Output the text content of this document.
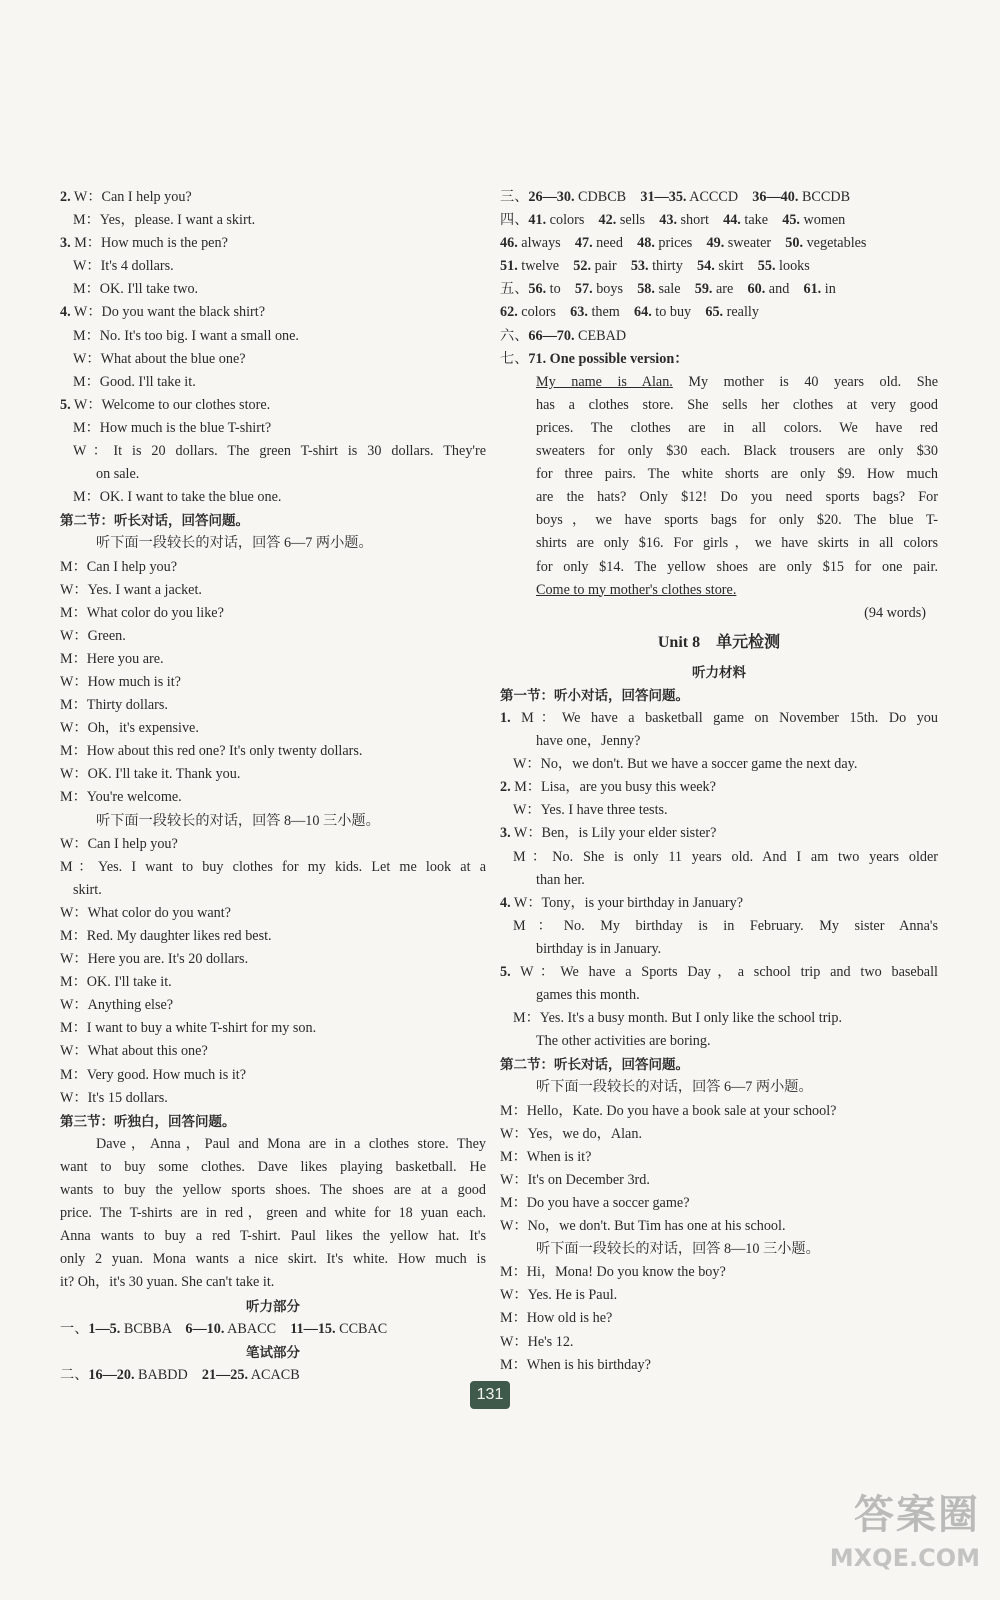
2. W：Can I help you?
M：Yes，please. I want a skirt.
3. M：How much is the pen?
W：It's 4 dollars.
M：OK. I'll take two.
4. W：Do you want the black shirt?
M：No. It's too big. I want a small one.
W：What about the blue one?
M：Good. I'll take it.
5. W：Welcome to our clothes store.
M：How much is the blue T-shirt?
W：It is 20 dollars. The green T-shirt is 30 dollars. They're
on sale.
M：OK. I want to take the blue one.
第二节：听长对话，回答问题。
听下面一段较长的对话，回答 6—7 两小题。
M：Can I help you?
W：Yes. I want a jacket.
M：What color do you like?
W：Green.
M：Here you are.
W：How much is it?
M：Thirty dollars.
W：Oh，it's expensive.
M：How about this red one? It's only twenty dollars.
W：OK. I'll take it. Thank you.
M：You're welcome.
听下面一段较长的对话，回答 8—10 三小题。
W：Can I help you?
M：Yes. I want to buy clothes for my kids. Let me look at a
skirt.
W：What color do you want?
M：Red. My daughter likes red best.
W：Here you are. It's 20 dollars.
M：OK. I'll take it.
W：Anything else?
M：I want to buy a white T-shirt for my son.
W：What about this one?
M：Very good. How much is it?
W：It's 15 dollars.
第三节：听独白，回答问题。
Dave，Anna，Paul and Mona are in a clothes store. They
want to buy some clothes. Dave likes playing basketball. He
wants to buy the yellow sports shoes. The shoes are at a good
price. The T-shirts are in red，green and white for 18 yuan each.
Anna wants to buy a red T-shirt. Paul likes the yellow hat. It's
only 2 yuan. Mona wants a nice skirt. It's white. How much is
it? Oh，it's 30 yuan. She can't take it.
听力部分
一、1—5. BCBBA　6—10. ABACC　11—15. CCBAC
笔试部分
二、16—20. BABDD　21—25. ACACB
三、26—30. CDBCB　31—35. ACCCD　36—40. BCCDB
四、41. colors　42. sells　43. short　44. take　45. women
46. always　47. need　48. prices　49. sweater　50. vegetables
51. twelve　52. pair　53. thirty　54. skirt　55. looks
五、56. to　57. boys　58. sale　59. are　60. and　61. in
62. colors　63. them　64. to buy　65. really
六、66—70. CEBAD
七、71. One possible version：
My name is Alan. My mother is 40 years old. She
has a clothes store. She sells her clothes at very good
prices. The clothes are in all colors. We have red
sweaters for only $30 each. Black trousers are only $30
for three pairs. The white shorts are only $9. How much
are the hats? Only $12! Do you need sports bags? For
boys，we have sports bags for only $20. The blue T-
shirts are only $16. For girls，we have skirts in all colors
for only $14. The yellow shoes are only $15 for one pair.
Come to my mother's clothes store.
(94 words)
Unit 8　单元检测
听力材料
第一节：听小对话，回答问题。
1. M：We have a basketball game on November 15th. Do you
have one，Jenny?
W：No，we don't. But we have a soccer game the next day.
2. M：Lisa，are you busy this week?
W：Yes. I have three tests.
3. W：Ben，is Lily your elder sister?
M：No. She is only 11 years old. And I am two years older
than her.
4. W：Tony，is your birthday in January?
M：No. My birthday is in February. My sister Anna's
birthday is in January.
5. W：We have a Sports Day，a school trip and two baseball
games this month.
M：Yes. It's a busy month. But I only like the school trip.
The other activities are boring.
第二节：听长对话，回答问题。
听下面一段较长的对话，回答 6—7 两小题。
M：Hello，Kate. Do you have a book sale at your school?
W：Yes，we do，Alan.
M：When is it?
W：It's on December 3rd.
M：Do you have a soccer game?
W：No，we don't. But Tim has one at his school.
听下面一段较长的对话，回答 8—10 三小题。
M：Hi，Mona! Do you know the boy?
W：Yes. He is Paul.
M：How old is he?
W：He's 12.
M：When is his birthday?
131
答案圈
MXQE.COM
